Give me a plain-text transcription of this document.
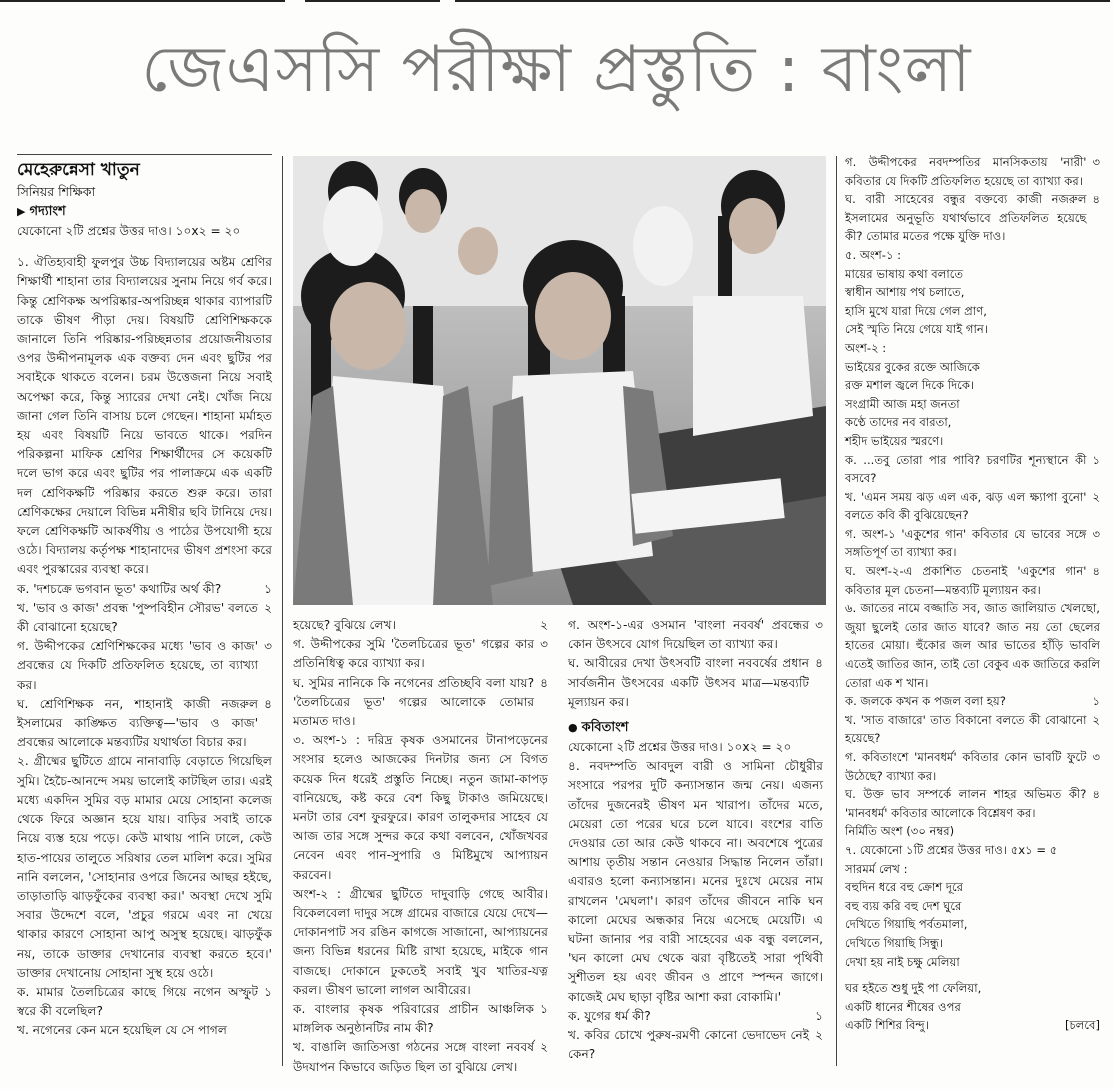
জেএসসি পরীক্ষা প্রস্তুতি : বাংলা

মেহেরুন্নেসা খাতুন

সিনিয়র শিক্ষিকা

▶ গদ্যাংশ

যেকোনো ২টি প্রশ্নের উত্তর দাও। ১০x২ = ২০

১. ঐতিহ্যবাহী ফুলপুর উচ্চ বিদ্যালয়ের অষ্টম শ্রেণির শিক্ষার্থী শাহানা তার বিদ্যালয়ের সুনাম নিয়ে গর্ব করে। কিন্তু শ্রেণিকক্ষ অপরিষ্কার-অপরিচ্ছন্ন থাকার ব্যাপারটি তাকে ভীষণ পীড়া দেয়। বিষয়টি শ্রেণিশিক্ষককে জানালে তিনি পরিষ্কার-পরিচ্ছন্নতার প্রয়োজনীয়তার ওপর উদ্দীপনামূলক এক বক্তব্য দেন এবং ছুটির পর সবাইকে থাকতে বলেন। চরম উত্তেজনা নিয়ে সবাই অপেক্ষা করে, কিন্তু স্যারের দেখা নেই। খোঁজ নিয়ে জানা গেল তিনি বাসায় চলে গেছেন। শাহানা মর্মাহত হয় এবং বিষয়টি নিয়ে ভাবতে থাকে। পরদিন পরিকল্পনা মাফিক শ্রেণির শিক্ষার্থীদের সে কয়েকটি দলে ভাগ করে এবং ছুটির পর পালাক্রমে এক একটি দল শ্রেণিকক্ষটি পরিষ্কার করতে শুরু করে। তারা শ্রেণিকক্ষের দেয়ালে বিভিন্ন মনীষীর ছবি টানিয়ে দেয়। ফলে শ্রেণিকক্ষটি আকর্ষণীয় ও পাঠের উপযোগী হয়ে ওঠে। বিদ্যালয় কর্তৃপক্ষ শাহানাদের ভীষণ প্রশংসা করে এবং পুরস্কারের ব্যবস্থা করে।

ক. 'দশচক্রে ভগবান ভূত' কথাটির অর্থ কী?	১
খ. 'ভাব ও কাজ' প্রবন্ধ 'পুষ্পবিহীন সৌরভ' বলতে কী বোঝানো হয়েছে?
২
গ. উদ্দীপকের শ্রেণিশিক্ষকের মধ্যে 'ভাব ও কাজ' প্রবন্ধের যে দিকটি প্রতিফলিত হয়েছে, তা ব্যাখ্যা কর।
৩
ঘ. শ্রেণিশিক্ষক নন, শাহানাই কাজী নজরুল ইসলামের কাঙ্ক্ষিত ব্যক্তিত্ব—'ভাব ও কাজ' প্রবন্ধের আলোকে মন্তব্যটির যথার্থতা বিচার কর।
৪

২. গ্রীষ্মের ছুটিতে গ্রামে নানাবাড়ি বেড়াতে গিয়েছিল সুমি। হৈচৈ-আনন্দে সময় ভালোই কাটছিল তার। এরই মধ্যে একদিন সুমির বড় মামার মেয়ে সোহানা কলেজ থেকে ফিরে অজ্ঞান হয়ে যায়। বাড়ির সবাই তাকে নিয়ে ব্যস্ত হয়ে পড়ে। কেউ মাথায় পানি ঢালে, কেউ হাত-পায়ের তালুতে সরিষার তেল মালিশ করে। সুমির নানি বললেন, 'সোহানার ওপরে জিনের আছর হইছে, তাড়াতাড়ি ঝাড়ফুঁকের ব্যবস্থা কর।' অবস্থা দেখে সুমি সবার উদ্দেশে বলে, 'প্রচুর গরমে এবং না খেয়ে থাকার কারণে সোহানা আপু অসুস্থ হয়েছে। ঝাড়ফুঁক নয়, তাকে ডাক্তার দেখানোর ব্যবস্থা করতে হবে।' ডাক্তার দেখানোয় সোহানা সুস্থ হয়ে ওঠে।

ক. মামার তৈলচিত্রের কাছে গিয়ে নগেন অস্ফুট স্বরে কী বলেছিল?
১

খ. নগেনের কেন মনে হয়েছিল যে সে পাগল

হয়েছে? বুঝিয়ে লেখ।	২
গ. উদ্দীপকের সুমি 'তৈলচিত্রের ভূত' গল্পের কার প্রতিনিধিত্ব করে ব্যাখ্যা কর।
৩
ঘ. সুমির নানিকে কি নগেনের প্রতিচ্ছবি বলা যায়? 'তৈলচিত্রের ভূত' গল্পের আলোকে তোমার মতামত দাও।
৪

৩. অংশ-১ : দরিদ্র কৃষক ওসমানের টানাপড়েনের সংসার হলেও আজকের দিনটার জন্য সে বিগত কয়েক দিন ধরেই প্রস্তুতি নিচ্ছে। নতুন জামা-কাপড় বানিয়েছে, কষ্ট করে বেশ কিছু টাকাও জমিয়েছে। মনটা তার বেশ ফুরফুরে। কারণ তালুকদার সাহেব যে আজ তার সঙ্গে সুন্দর করে কথা বলবেন, খোঁজখবর নেবেন এবং পান-সুপারি ও মিষ্টিমুখে আপ্যায়ন করবেন।

অংশ-২ : গ্রীষ্মের ছুটিতে দাদুবাড়ি গেছে আবীর। বিকেলবেলা দাদুর সঙ্গে গ্রামের বাজারে যেয়ে দেখে—দোকানপাট সব রঙিন কাগজে সাজানো, আপ্যায়নের জন্য বিভিন্ন ধরনের মিষ্টি রাখা হয়েছে, মাইকে গান বাজছে। দোকানে ঢুকতেই সবাই খুব খাতির-যত্ন করল। ভীষণ ভালো লাগল আবীরের।

ক. বাংলার কৃষক পরিবারের প্রাচীন আঞ্চলিক মাঙ্গলিক অনুষ্ঠানটির নাম কী?
১
খ. বাঙালি জাতিসত্তা গঠনের সঙ্গে বাংলা নববর্ষ উদযাপন কিভাবে জড়িত ছিল তা বুঝিয়ে লেখ।
২
গ. অংশ-১-এর ওসমান 'বাংলা নববর্ষ' প্রবন্ধের কোন উৎসবে যোগ দিয়েছিল তা ব্যাখ্যা কর।
৩
ঘ. আবীরের দেখা উৎসবটি বাংলা নববর্ষের প্রধান সার্বজনীন উৎসবের একটি উৎসব মাত্র—মন্তব্যটি মূল্যায়ন কর।
৪

● কবিতাংশ

যেকোনো ২টি প্রশ্নের উত্তর দাও। ১০x২ = ২০

৪. নবদম্পতি আবদুল বারী ও সামিনা চৌধুরীর সংসারে পরপর দুটি কন্যাসন্তান জন্ম নেয়। এজন্য তাঁদের দুজনেরই ভীষণ মন খারাপ। তাঁদের মতে, মেয়েরা তো পরের ঘরে চলে যাবে। বংশের বাতি দেওয়ার তো আর কেউ থাকবে না। অবশেষে পুত্রের আশায় তৃতীয় সন্তান নেওয়ার সিদ্ধান্ত নিলেন তাঁরা। এবারও হলো কন্যাসন্তান। মনের দুঃখে মেয়ের নাম রাখলেন 'মেঘলা'। কারণ তাঁদের জীবনে নাকি ঘন কালো মেঘের অন্ধকার নিয়ে এসেছে মেয়েটি। এ ঘটনা জানার পর বারী সাহেবের এক বন্ধু বললেন, 'ঘন কালো মেঘ থেকে ঝরা বৃষ্টিতেই সারা পৃথিবী সুশীতল হয় এবং জীবন ও প্রাণে স্পন্দন জাগে। কাজেই মেঘ ছাড়া বৃষ্টির আশা করা বোকামি।'

ক. যুগের ধর্ম কী?	১
খ. কবির চোখে পুরুষ-রমণী কোনো ভেদাভেদ নেই কেন?
২
গ. উদ্দীপকের নবদম্পতির মানসিকতায় 'নারী' কবিতার যে দিকটি প্রতিফলিত হয়েছে তা ব্যাখ্যা কর।
৩
ঘ. বারী সাহেবের বন্ধুর বক্তব্যে কাজী নজরুল ইসলামের অনুভূতি যথার্থভাবে প্রতিফলিত হয়েছে কী? তোমার মতের পক্ষে যুক্তি দাও।
৪

৫. অংশ-১ :

মায়ের ভাষায় কথা বলাতে

স্বাধীন আশায় পথ চলাতে,

হাসি মুখে যারা দিয়ে গেল প্রাণ,

সেই স্মৃতি নিয়ে গেয়ে যাই গান।

অংশ-২ :

ভাইয়ের বুকের রক্তে আজিকে

রক্ত মশাল জ্বলে দিকে দিকে।

সংগ্রামী আজ মহা জনতা

কণ্ঠে তাদের নব বারতা,

শহীদ ভাইয়ের স্মরণে।

ক. ...তবু তোরা পার পাবি? চরণটির শূন্যস্থানে কী বসবে?
১
খ. 'এমন সময় ঝড় এল এক, ঝড় এল ক্ষ্যাপা বুনো' বলতে কবি কী বুঝিয়েছেন?
২
গ. অংশ-১ 'একুশের গান' কবিতার যে ভাবের সঙ্গে সঙ্গতিপূর্ণ তা ব্যাখ্যা কর।
৩
ঘ. অংশ-২-এ প্রকাশিত চেতনাই 'একুশের গান' কবিতার মূল চেতনা—মন্তব্যটি মূল্যায়ন কর।
৪

৬. জাতের নামে বজ্জাতি সব, জাত জালিয়াত খেলছো, জুয়া ছুলেই তোর জাত যাবে? জাত নয় তো ছেলের হাতের মোয়া। হুঁকোর জল আর ভাতের হাঁড়ি ভাবলি এতেই জাতির জান, তাই তো বেকুব এক জাতিরে করলি তোরা এক শ খান।

ক. জলকে কখন ক পজল বলা হয়?	১
খ. 'সাত বাজারে' তাত বিকানো বলতে কী বোঝানো হয়েছে?
২
গ. কবিতাংশে 'মানবধর্ম' কবিতার কোন ভাবটি ফুটে উঠেছে? ব্যাখ্যা কর।
৩
ঘ. উক্ত ভাব সম্পর্কে লালন শাহর অভিমত কী? 'মানবধর্ম' কবিতার আলোকে বিশ্লেষণ কর।
৪

নির্মিতি অংশ (৩০ নম্বর)

৭. যেকোনো ১টি প্রশ্নের উত্তর দাও। ৫x১ = ৫

সারমর্ম লেখ :

বহুদিন ধরে বহু ক্রোশ দূরে

বহু ব্যয় করি বহু দেশ ঘুরে

দেখিতে গিয়াছি পর্বতমালা,

দেখিতে গিয়াছি সিন্ধু।

দেখা হয় নাই চক্ষু মেলিয়া

ঘর হইতে শুধু দুই পা ফেলিয়া,

একটি ধানের শীষের ওপর

একটি শিশির বিন্দু।	[চলবে]
